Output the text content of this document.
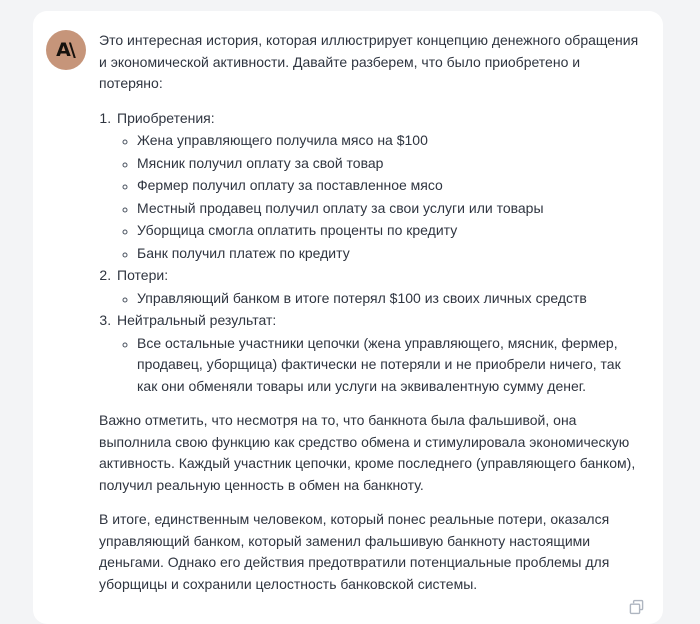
A\ Это интересная история, которая иллюстрирует концепцию денежного обращения и экономической активности. Давайте разберем, что было приобретено и потеряно:

1. Приобретения:
◦ Жена управляющего получила мясо на $100
◦ Мясник получил оплату за свой товар
◦ Фермер получил оплату за поставленное мясо
◦ Местный продавец получил оплату за свои услуги или товары
◦ Уборщица смогла оплатить проценты по кредиту
◦ Банк получил платеж по кредиту
2. Потери:
◦ Управляющий банком в итоге потерял $100 из своих личных средств
3. Нейтральный результат:
◦ Все остальные участники цепочки (жена управляющего, мясник, фермер, продавец, уборщица) фактически не потеряли и не приобрели ничего, так как они обменяли товары или услуги на эквивалентную сумму денег.

Важно отметить, что несмотря на то, что банкнота была фальшивой, она выполнила свою функцию как средство обмена и стимулировала экономическую активность. Каждый участник цепочки, кроме последнего (управляющего банком), получил реальную ценность в обмен на банкноту.

В итоге, единственным человеком, который понес реальные потери, оказался управляющий банком, который заменил фальшивую банкноту настоящими деньгами. Однако его действия предотвратили потенциальные проблемы для уборщицы и сохранили целостность банковской системы.
